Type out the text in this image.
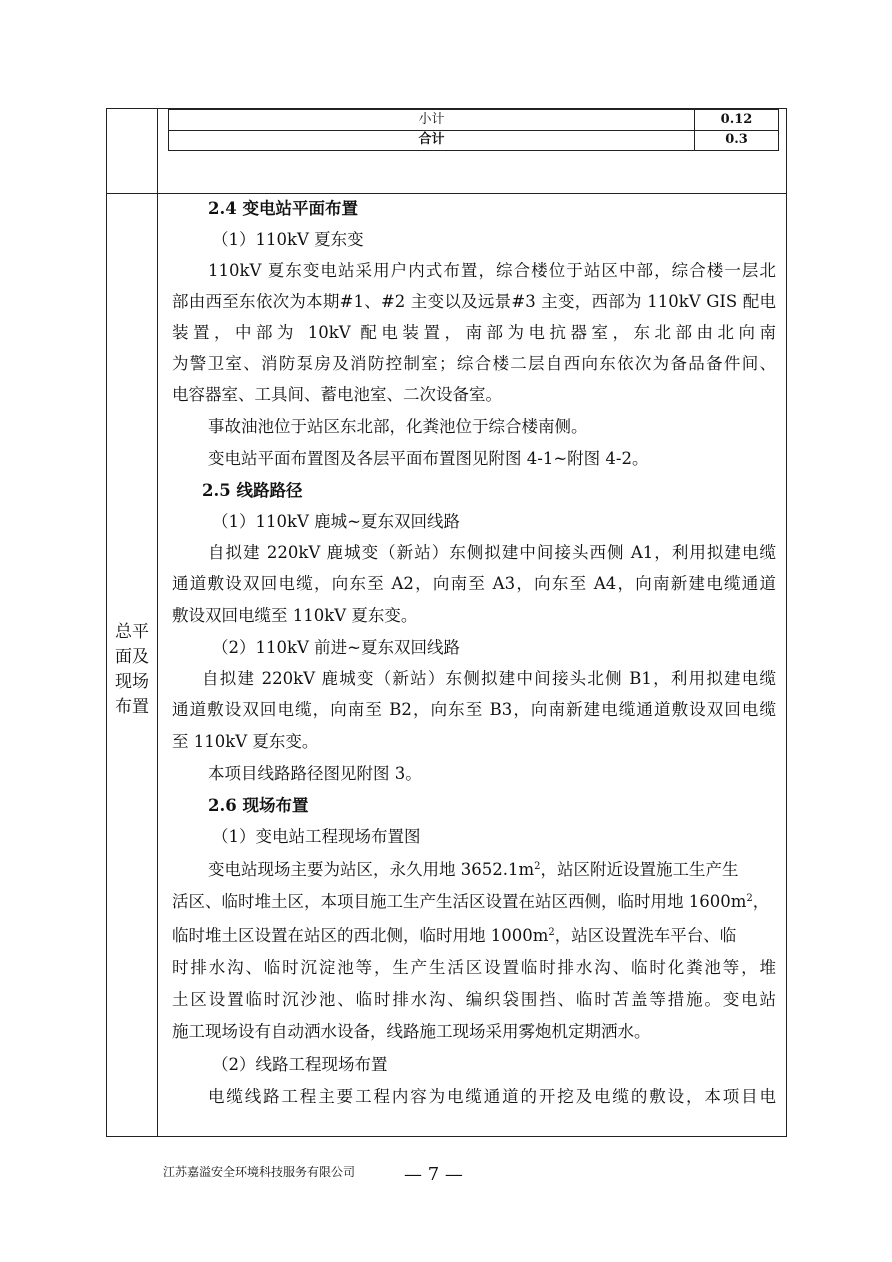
小计	0.12
合计	0.3
总平
面及
现场
布置
2.4 变电站平面布置
（1）110kV 夏东变
110kV 夏东变电站采用户内式布置，综合楼位于站区中部，综合楼一层北
部由西至东依次为本期#1、#2 主变以及远景#3 主变，西部为 110kV GIS 配电
装置，中部为 10kV 配电装置，南部为电抗器室，东北部由北向南
为警卫室、消防泵房及消防控制室；综合楼二层自西向东依次为备品备件间、
电容器室、工具间、蓄电池室、二次设备室。
事故油池位于站区东北部，化粪池位于综合楼南侧。
变电站平面布置图及各层平面布置图见附图 4-1~附图 4-2。
2.5 线路路径
（1）110kV 鹿城~夏东双回线路
自拟建 220kV 鹿城变（新站）东侧拟建中间接头西侧 A1，利用拟建电缆
通道敷设双回电缆，向东至 A2，向南至 A3，向东至 A4，向南新建电缆通道
敷设双回电缆至 110kV 夏东变。
（2）110kV 前进~夏东双回线路
自拟建 220kV 鹿城变（新站）东侧拟建中间接头北侧 B1，利用拟建电缆
通道敷设双回电缆，向南至 B2，向东至 B3，向南新建电缆通道敷设双回电缆
至 110kV 夏东变。
本项目线路路径图见附图 3。
2.6 现场布置
（1）变电站工程现场布置图
变电站现场主要为站区，永久用地 $3652.1m^2$，站区附近设置施工生产生
活区、临时堆土区，本项目施工生产生活区设置在站区西侧，临时用地 $1600m^2$，
临时堆土区设置在站区的西北侧，临时用地 $1000m^2$，站区设置洗车平台、临
时排水沟、临时沉淀池等，生产生活区设置临时排水沟、临时化粪池等，堆
土区设置临时沉沙池、临时排水沟、编织袋围挡、临时苫盖等措施。变电站
施工现场设有自动洒水设备，线路施工现场采用雾炮机定期洒水。
（2）线路工程现场布置
电缆线路工程主要工程内容为电缆通道的开挖及电缆的敷设，本项目电
江苏嘉溢安全环境科技服务有限公司	— 7 —
